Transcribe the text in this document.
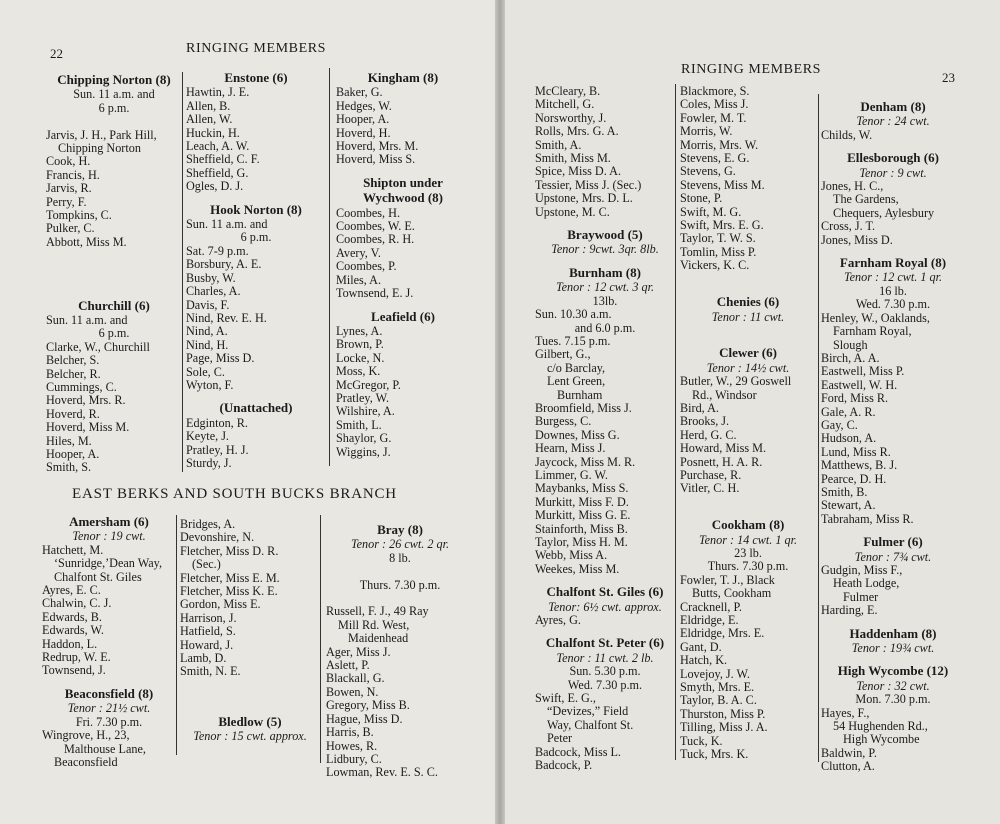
22	RINGING MEMBERS
Chipping Norton (8)
Sun. 11 a.m. and
6 p.m.

Jarvis, J. H., Park Hill,
Chipping Norton
Cook, H.
Francis, H.
Jarvis, R.
Perry, F.
Tompkins, C.
Pulker, C.
Abbott, Miss M.

Churchill (6)
Sun. 11 a.m. and
6 p.m.
Clarke, W., Churchill
Belcher, S.
Belcher, R.
Cummings, C.
Hoverd, Mrs. R.
Hoverd, R.
Hoverd, Miss M.
Hiles, M.
Hooper, A.
Smith, S.
Enstone (6)
Hawtin, J. E.
Allen, B.
Allen, W.
Huckin, H.
Leach, A. W.
Sheffield, C. F.
Sheffield, G.
Ogles, D. J.
Hook Norton (8)
Sun. 11 a.m. and
6 p.m.
Sat. 7-9 p.m.
Borsbury, A. E.
Busby, W.
Charles, A.
Davis, F.
Nind, Rev. E. H.
Nind, A.
Nind, H.
Page, Miss D.
Sole, C.
Wyton, F.
(Unattached)
Edginton, R.
Keyte, J.
Pratley, H. J.
Sturdy, J.
Kingham (8)
Baker, G.
Hedges, W.
Hooper, A.
Hoverd, H.
Hoverd, Mrs. M.
Hoverd, Miss S.
Shipton under
Wychwood (8)
Coombes, H.
Coombes, W. E.
Coombes, R. H.
Avery, V.
Coombes, P.
Miles, A.
Townsend, E. J.
Leafield (6)
Lynes, A.
Brown, P.
Locke, N.
Moss, K.
McGregor, P.
Pratley, W.
Wilshire, A.
Smith, L.
Shaylor, G.
Wiggins, J.
EAST BERKS AND SOUTH BUCKS BRANCH
Amersham (6)
Tenor : 19 cwt.
Hatchett, M.
‘Sunridge,’Dean Way,
Chalfont St. Giles
Ayres, E. C.
Chalwin, C. J.
Edwards, B.
Edwards, W.
Haddon, L.
Redrup, W. E.
Townsend, J.
Beaconsfield (8)
Tenor : 21½ cwt.
Fri. 7.30 p.m.
Wingrove, H., 23,
Malthouse Lane,
Beaconsfield
Bridges, A.
Devonshire, N.
Fletcher, Miss D. R.
(Sec.)
Fletcher, Miss E. M.
Fletcher, Miss K. E.
Gordon, Miss E.
Harrison, J.
Hatfield, S.
Howard, J.
Lamb, D.
Smith, N. E.

Bledlow (5)
Tenor : 15 cwt. approx.
Bray (8)
Tenor : 26 cwt. 2 qr.
8 lb.

Thurs. 7.30 p.m.

Russell, F. J., 49 Ray
Mill Rd. West,
Maidenhead
Ager, Miss J.
Aslett, P.
Blackall, G.
Bowen, N.
Gregory, Miss B.
Hague, Miss D.
Harris, B.
Howes, R.
Lidbury, C.
Lowman, Rev. E. S. C.
RINGING MEMBERS
23
McCleary, B.
Mitchell, G.
Norsworthy, J.
Rolls, Mrs. G. A.
Smith, A.
Smith, Miss M.
Spice, Miss D. A.
Tessier, Miss J. (Sec.)
Upstone, Mrs. D. L.
Upstone, M. C.
Braywood (5)
Tenor : 9cwt. 3qr. 8lb.
Burnham (8)
Tenor : 12 cwt. 3 qr.
13lb.
Sun. 10.30 a.m.
and 6.0 p.m.
Tues. 7.15 p.m.
Gilbert, G.,
c/o Barclay,
Lent Green,
Burnham
Broomfield, Miss J.
Burgess, C.
Downes, Miss G.
Hearn, Miss J.
Jaycock, Miss M. R.
Limmer, G. W.
Maybanks, Miss S.
Murkitt, Miss F. D.
Murkitt, Miss G. E.
Stainforth, Miss B.
Taylor, Miss H. M.
Webb, Miss A.
Weekes, Miss M.
Chalfont St. Giles (6)
Tenor: 6½ cwt. approx.
Ayres, G.
Chalfont St. Peter (6)
Tenor : 11 cwt. 2 lb.
Sun. 5.30 p.m.
Wed. 7.30 p.m.
Swift, E. G.,
“Devizes,” Field
Way, Chalfont St.
Peter
Badcock, Miss L.
Badcock, P.
Blackmore, S.
Coles, Miss J.
Fowler, M. T.
Morris, W.
Morris, Mrs. W.
Stevens, E. G.
Stevens, G.
Stevens, Miss M.
Stone, P.
Swift, M. G.
Swift, Mrs. E. G.
Taylor, T. W. S.
Tomlin, Miss P.
Vickers, K. C.

Chenies (6)
Tenor : 11 cwt.

Clewer (6)
Tenor : 14½ cwt.
Butler, W., 29 Goswell
Rd., Windsor
Bird, A.
Brooks, J.
Herd, G. C.
Howard, Miss M.
Posnett, H. A. R.
Purchase, R.
Vitler, C. H.

Cookham (8)
Tenor : 14 cwt. 1 qr.
23 lb.
Thurs. 7.30 p.m.
Fowler, T. J., Black
Butts, Cookham
Cracknell, P.
Eldridge, E.
Eldridge, Mrs. E.
Gant, D.
Hatch, K.
Lovejoy, J. W.
Smyth, Mrs. E.
Taylor, B. A. C.
Thurston, Miss P.
Tilling, Miss J. A.
Tuck, K.
Tuck, Mrs. K.
Denham (8)
Tenor : 24 cwt.
Childs, W.
Ellesborough (6)
Tenor : 9 cwt.
Jones, H. C.,
The Gardens,
Chequers, Aylesbury
Cross, J. T.
Jones, Miss D.
Farnham Royal (8)
Tenor : 12 cwt. 1 qr.
16 lb.
Wed. 7.30 p.m.
Henley, W., Oaklands,
Farnham Royal,
Slough
Birch, A. A.
Eastwell, Miss P.
Eastwell, W. H.
Ford, Miss R.
Gale, A. R.
Gay, C.
Hudson, A.
Lund, Miss R.
Matthews, B. J.
Pearce, D. H.
Smith, B.
Stewart, A.
Tabraham, Miss R.
Fulmer (6)
Tenor : 7¾ cwt.
Gudgin, Miss F.,
Heath Lodge,
Fulmer
Harding, E.
Haddenham (8)
Tenor : 19¾ cwt.
High Wycombe (12)
Tenor : 32 cwt.
Mon. 7.30 p.m.
Hayes, F.,
54 Hughenden Rd.,
High Wycombe
Baldwin, P.
Clutton, A.
